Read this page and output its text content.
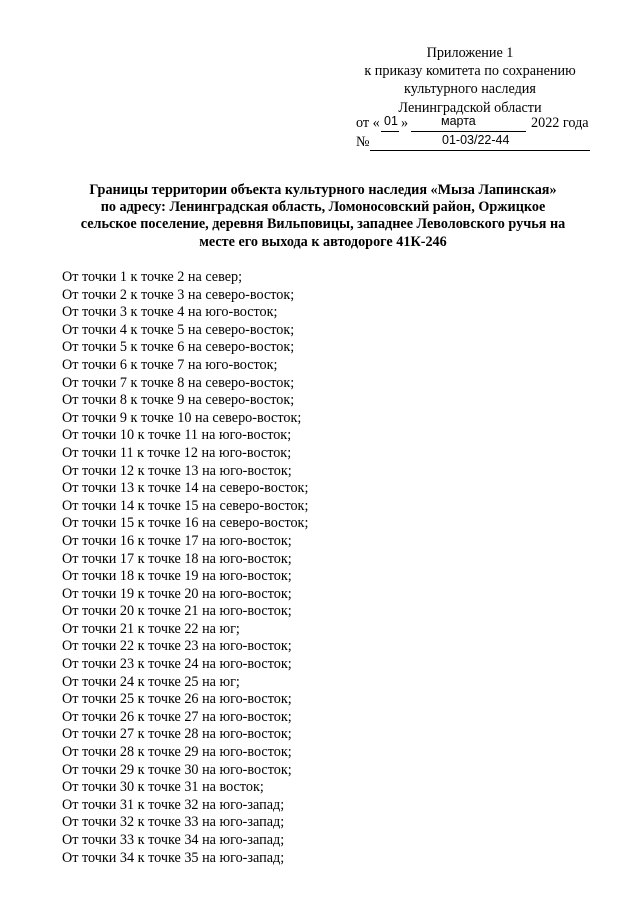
Приложение 1
к приказу комитета по сохранению
культурного наследия
Ленинградской области
от « 01 »	марта	2022 года
№	01-03/22-44
Границы территории объекта культурного наследия «Мыза Лапинская»
по адресу: Ленинградская область, Ломоносовский район, Оржицкое
сельское поселение, деревня Вильповицы, западнее Леволовского ручья на
месте его выхода к автодороге 41К-246
От точки 1 к точке 2 на север;
От точки 2 к точке 3 на северо-восток;
От точки 3 к точке 4 на юго-восток;
От точки 4 к точке 5 на северо-восток;
От точки 5 к точке 6 на северо-восток;
От точки 6 к точке 7 на юго-восток;
От точки 7 к точке 8 на северо-восток;
От точки 8 к точке 9 на северо-восток;
От точки 9 к точке 10 на северо-восток;
От точки 10 к точке 11 на юго-восток;
От точки 11 к точке 12 на юго-восток;
От точки 12 к точке 13 на юго-восток;
От точки 13 к точке 14 на северо-восток;
От точки 14 к точке 15 на северо-восток;
От точки 15 к точке 16 на северо-восток;
От точки 16 к точке 17 на юго-восток;
От точки 17 к точке 18 на юго-восток;
От точки 18 к точке 19 на юго-восток;
От точки 19 к точке 20 на юго-восток;
От точки 20 к точке 21 на юго-восток;
От точки 21 к точке 22 на юг;
От точки 22 к точке 23 на юго-восток;
От точки 23 к точке 24 на юго-восток;
От точки 24 к точке 25 на юг;
От точки 25 к точке 26 на юго-восток;
От точки 26 к точке 27 на юго-восток;
От точки 27 к точке 28 на юго-восток;
От точки 28 к точке 29 на юго-восток;
От точки 29 к точке 30 на юго-восток;
От точки 30 к точке 31 на восток;
От точки 31 к точке 32 на юго-запад;
От точки 32 к точке 33 на юго-запад;
От точки 33 к точке 34 на юго-запад;
От точки 34 к точке 35 на юго-запад;
